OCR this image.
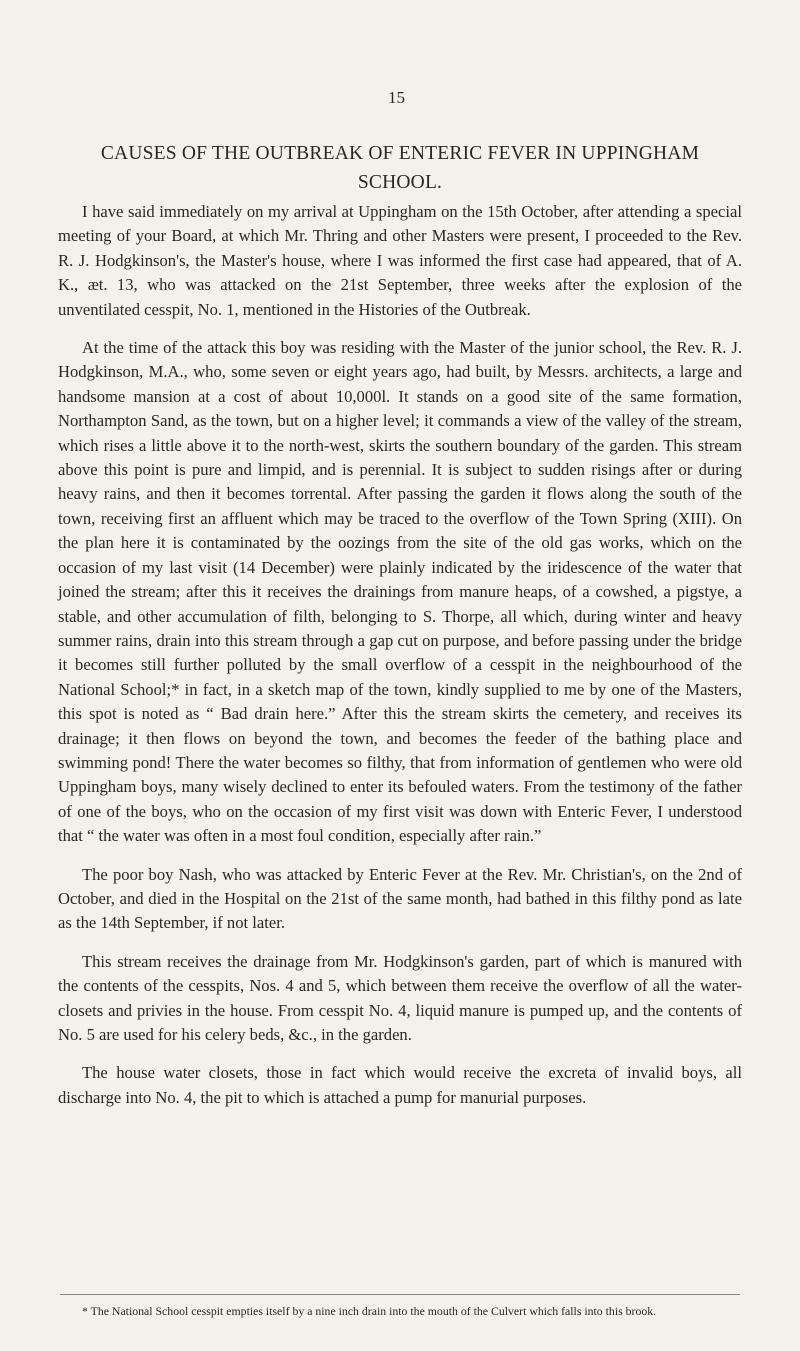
15
CAUSES OF THE OUTBREAK OF ENTERIC FEVER IN UPPINGHAM SCHOOL.

I have said immediately on my arrival at Uppingham on the 15th October, after attending a special meeting of your Board, at which Mr. Thring and other Masters were present, I proceeded to the Rev. R. J. Hodgkinson's, the Master's house, where I was informed the first case had appeared, that of A. K., æt. 13, who was attacked on the 21st September, three weeks after the explosion of the unventilated cesspit, No. 1, mentioned in the Histories of the Outbreak.

At the time of the attack this boy was residing with the Master of the junior school, the Rev. R. J. Hodgkinson, M.A., who, some seven or eight years ago, had built, by Messrs. architects, a large and handsome mansion at a cost of about 10,000l. It stands on a good site of the same formation, Northampton Sand, as the town, but on a higher level; it commands a view of the valley of the stream, which rises a little above it to the north-west, skirts the southern boundary of the garden. This stream above this point is pure and limpid, and is perennial. It is subject to sudden risings after or during heavy rains, and then it becomes torrental. After passing the garden it flows along the south of the town, receiving first an affluent which may be traced to the overflow of the Town Spring (XIII). On the plan here it is contaminated by the oozings from the site of the old gas works, which on the occasion of my last visit (14 December) were plainly indicated by the iridescence of the water that joined the stream; after this it receives the drainings from manure heaps, of a cowshed, a pigstye, a stable, and other accumulation of filth, belonging to S. Thorpe, all which, during winter and heavy summer rains, drain into this stream through a gap cut on purpose, and before passing under the bridge it becomes still further polluted by the small overflow of a cesspit in the neighbourhood of the National School;* in fact, in a sketch map of the town, kindly supplied to me by one of the Masters, this spot is noted as “ Bad drain here.” After this the stream skirts the cemetery, and receives its drainage; it then flows on beyond the town, and becomes the feeder of the bathing place and swimming pond! There the water becomes so filthy, that from information of gentlemen who were old Uppingham boys, many wisely declined to enter its befouled waters. From the testimony of the father of one of the boys, who on the occasion of my first visit was down with Enteric Fever, I understood that “ the water was often in a most foul condition, especially after rain.”

The poor boy Nash, who was attacked by Enteric Fever at the Rev. Mr. Christian's, on the 2nd of October, and died in the Hospital on the 21st of the same month, had bathed in this filthy pond as late as the 14th September, if not later.

This stream receives the drainage from Mr. Hodgkinson's garden, part of which is manured with the contents of the cesspits, Nos. 4 and 5, which between them receive the overflow of all the water-closets and privies in the house. From cesspit No. 4, liquid manure is pumped up, and the contents of No. 5 are used for his celery beds, &c., in the garden.

The house water closets, those in fact which would receive the excreta of invalid boys, all discharge into No. 4, the pit to which is attached a pump for manurial purposes.

* The National School cesspit empties itself by a nine inch drain into the mouth of the Culvert which falls into this brook.
